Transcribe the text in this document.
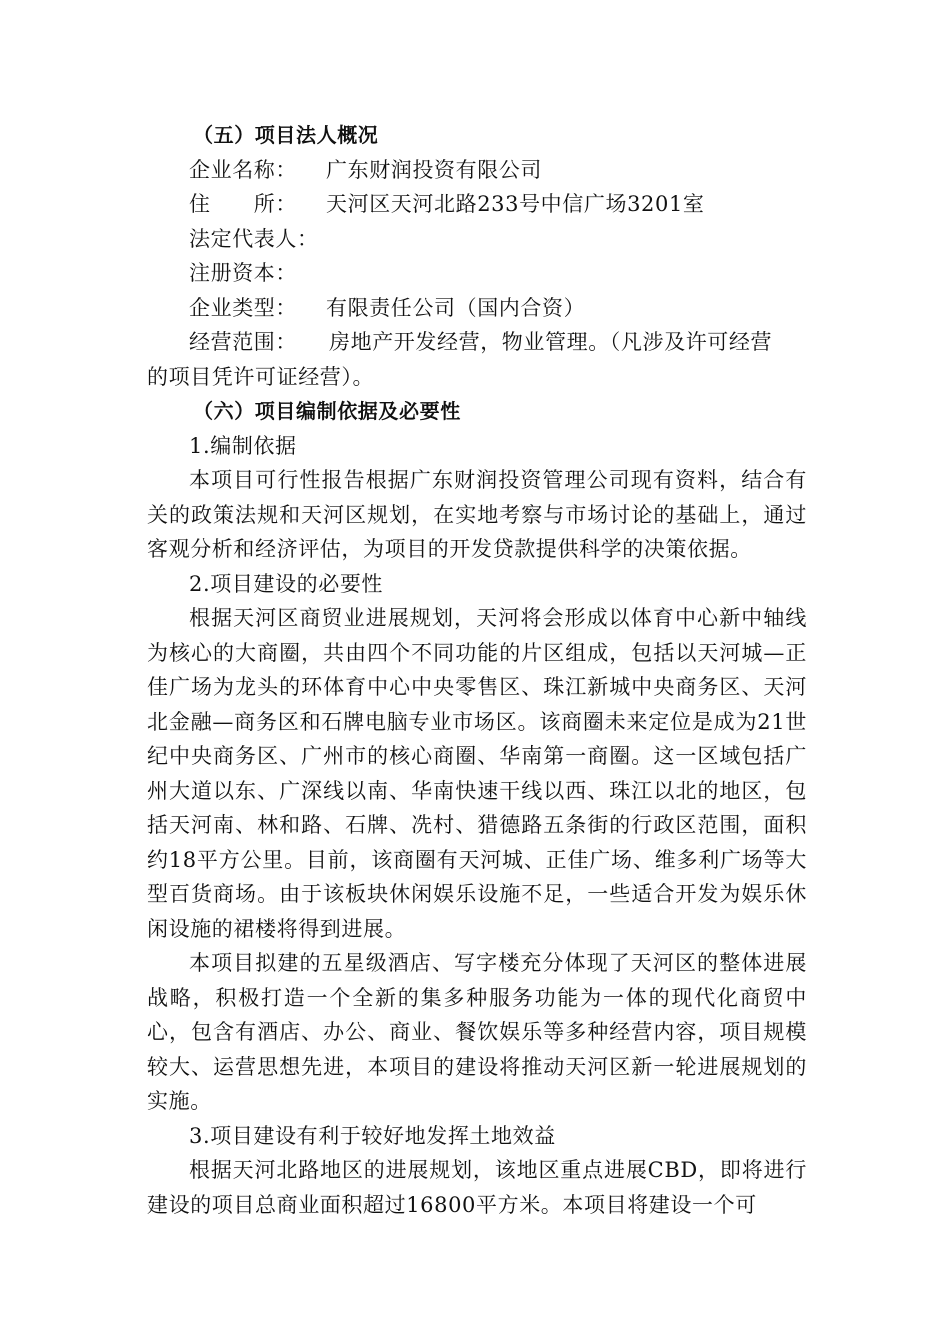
（五）项目法人概况

企业名称： 广东财润投资有限公司

住　　所： 天河区天河北路233号中信广场3201室

法定代表人：

注册资本：

企业类型： 有限责任公司（国内合资）

经营范围： 房地产开发经营，物业管理。（凡涉及许可经营

的项目凭许可证经营）。

（六）项目编制依据及必要性

1.编制依据

本项目可行性报告根据广东财润投资管理公司现有资料，结合有关的政策法规和天河区规划，在实地考察与市场讨论的基础上，通过客观分析和经济评估，为项目的开发贷款提供科学的决策依据。

2.项目建设的必要性

根据天河区商贸业进展规划，天河将会形成以体育中心新中轴线为核心的大商圈，共由四个不同功能的片区组成，包括以天河城—正佳广场为龙头的环体育中心中央零售区、珠江新城中央商务区、天河北金融—商务区和石牌电脑专业市场区。该商圈未来定位是成为21世纪中央商务区、广州市的核心商圈、华南第一商圈。这一区域包括广州大道以东、广深线以南、华南快速干线以西、珠江以北的地区，包括天河南、林和路、石牌、冼村、猎德路五条街的行政区范围，面积约18平方公里。目前，该商圈有天河城、正佳广场、维多利广场等大型百货商场。由于该板块休闲娱乐设施不足，一些适合开发为娱乐休闲设施的裙楼将得到进展。

本项目拟建的五星级酒店、写字楼充分体现了天河区的整体进展战略，积极打造一个全新的集多种服务功能为一体的现代化商贸中心，包含有酒店、办公、商业、餐饮娱乐等多种经营内容，项目规模较大、运营思想先进，本项目的建设将推动天河区新一轮进展规划的实施。

3.项目建设有利于较好地发挥土地效益

根据天河北路地区的进展规划，该地区重点进展CBD，即将进行建设的项目总商业面积超过16800平方米。本项目将建设一个可
